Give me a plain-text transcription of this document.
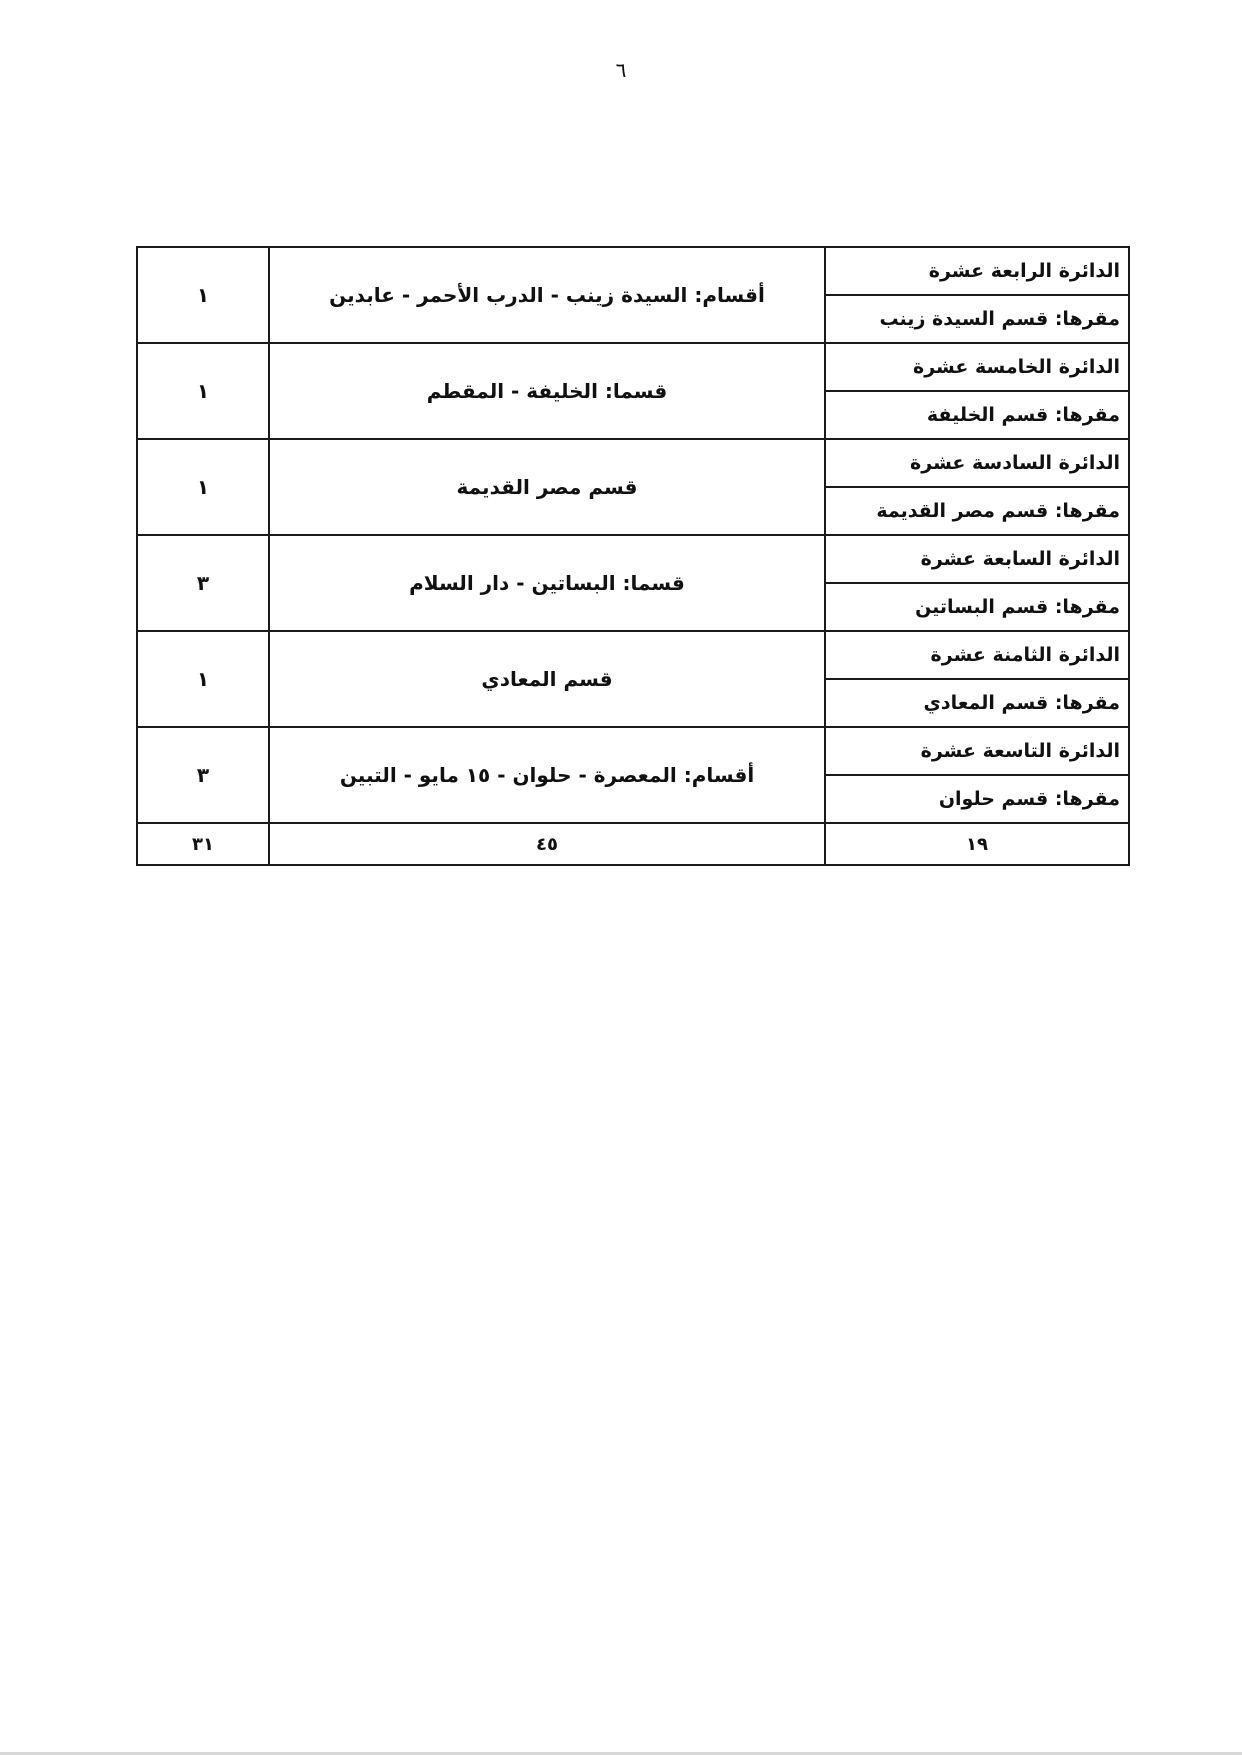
٦
الدائرة الرابعة عشرة	أقسام: السيدة زينب - الدرب الأحمر - عابدين	١
مقرها: قسم السيدة زينب		
الدائرة الخامسة عشرة	قسما: الخليفة - المقطم	١
مقرها: قسم الخليفة		
الدائرة السادسة عشرة	قسم مصر القديمة	١
مقرها: قسم مصر القديمة		
الدائرة السابعة عشرة	قسما: البساتين - دار السلام	٣
مقرها: قسم البساتين		
الدائرة الثامنة عشرة	قسم المعادي	١
مقرها: قسم المعادي		
الدائرة التاسعة عشرة	أقسام: المعصرة - حلوان - ١٥ مايو - التبين	٣
مقرها: قسم حلوان		
١٩	٤٥	٣١
